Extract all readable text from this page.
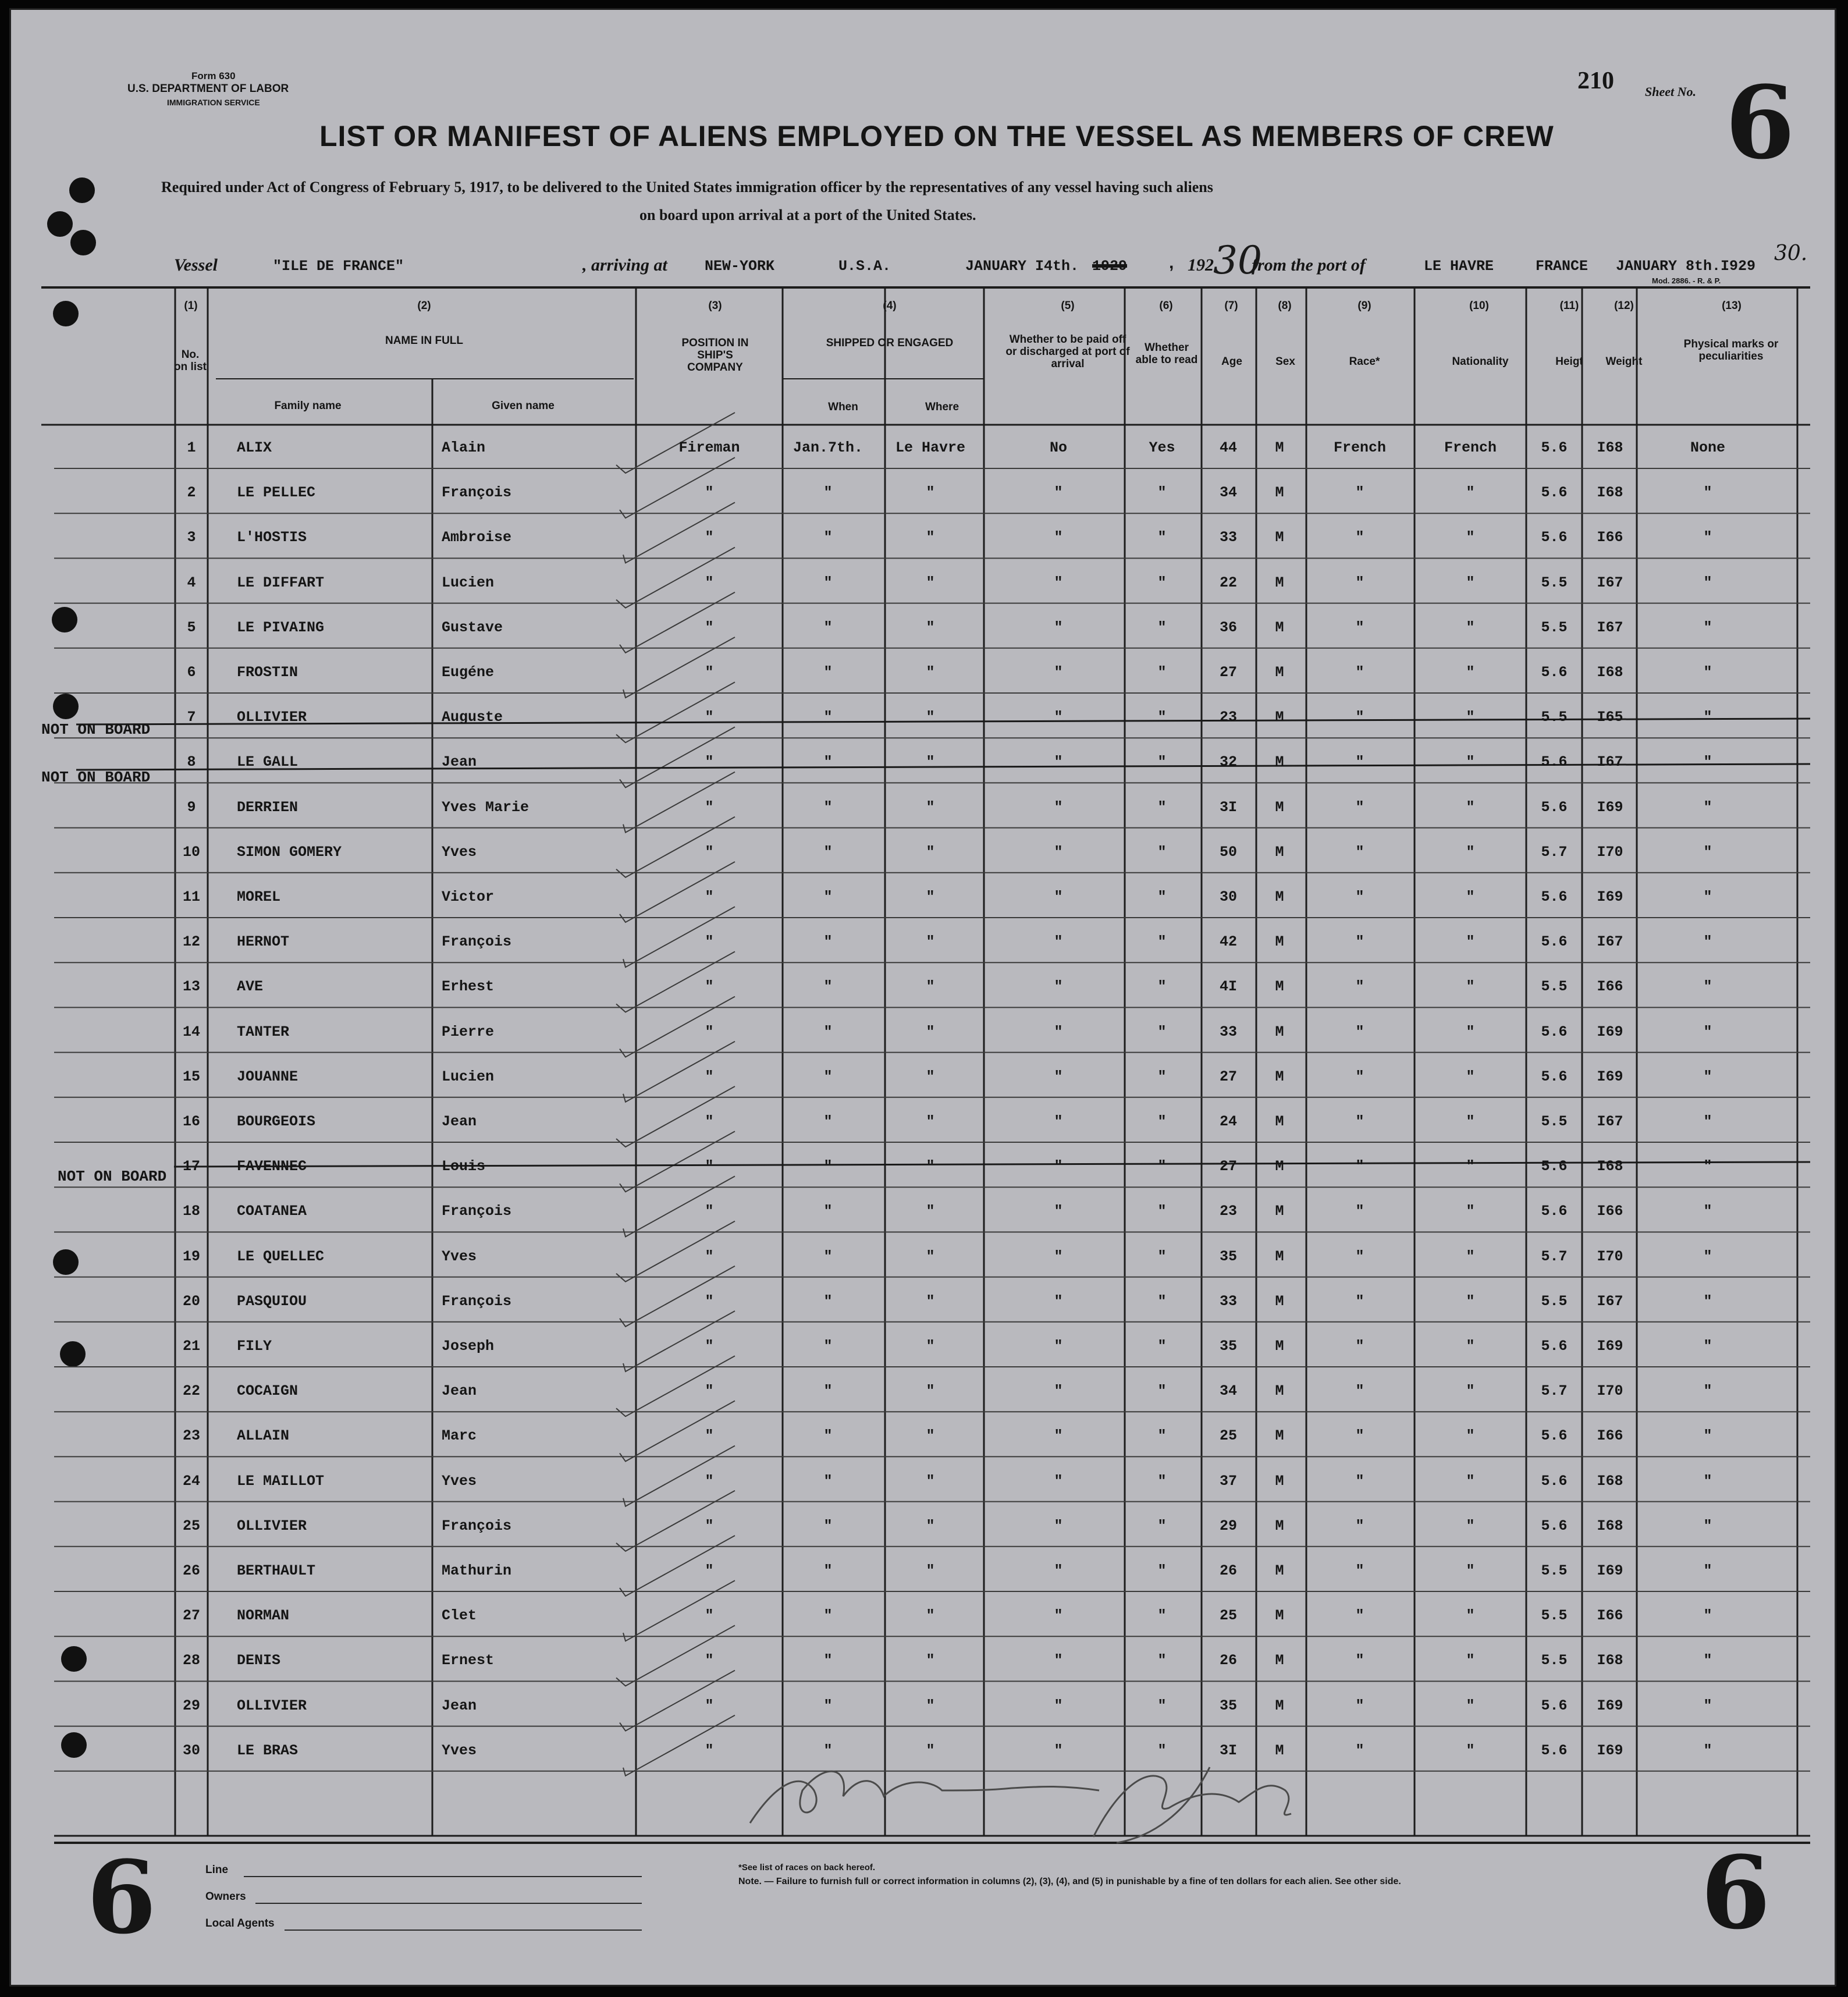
Form 630
U.S. DEPARTMENT OF LABOR
IMMIGRATION SERVICE
210 Sheet No. 6
LIST OR MANIFEST OF ALIENS EMPLOYED ON THE VESSEL AS MEMBERS OF CREW
Required under Act of Congress of February 5, 1917, to be delivered to the United States immigration officer by the representatives of any vessel having such aliens
on board upon arrival at a port of the United States.
Vessel	"ILE DE FRANCE"	, arriving at	NEW-YORK	U.S.A.	JANUARY I4th. 1929 , 192 30
from the port of	LE HAVRE	FRANCE JANUARY 8th.I929
30.
Mod. 2886. - R. & P.
(1)
No. on list
(2)
NAME IN FULL
Family name	Given name
(3)
POSITION IN SHIP'S COMPANY
(4)
SHIPPED OR ENGAGED
When	Where
(5)
Whether to be paid off or discharged at port of arrival
(6)
Whether able to read
(7)
Age
(8)
Sex
(9)
Race*
(10)
Nationality
(11)
Heigt
(12)
Weight
(13)
Physical marks or peculiarities
1	ALIX	Alain	Fireman	Jan.7th. Le Havre	No	Yes	44	M	French	French	5.6 I68	None
2	LE PELLEC	François	"	"	"	"	"	34	M	"	"	5.6 I68	"
3	L'HOSTIS	Ambroise	"	"	"	"	"	33	M	"	"	5.6 I66	"
4	LE DIFFART	Lucien	"	"	"	"	"	22	M	"	"	5.5 I67	"
5	LE PIVAING	Gustave	"	"	"	"	"	36	M	"	"	5.5 I67	"
6	FROSTIN	Eugéne	"	"	"	"	"	27	M	"	"	5.6 I68	"
7	OLLIVIER	Auguste	"	"	"	"	"	23	M	"	"	5.5 I65	"
8	LE GALL	Jean	"	"	"	"	"	32	M	"	"	5.6 I67	"
9	DERRIEN	Yves Marie	"	"	"	"	"	3I	M	"	"	5.6 I69	"
10	SIMON GOMERY	Yves	"	"	"	"	"	50	M	"	"	5.7 I70	"
11	MOREL	Victor	"	"	"	"	"	30	M	"	"	5.6 I69	"
12	HERNOT	François	"	"	"	"	"	42	M	"	"	5.6 I67	"
13	AVE	Erhest	"	"	"	"	"	4I	M	"	"	5.5 I66	"
14	TANTER	Pierre	"	"	"	"	"	33	M	"	"	5.6 I69	"
15	JOUANNE	Lucien	"	"	"	"	"	27	M	"	"	5.6 I69	"
16	BOURGEOIS	Jean	"	"	"	"	"	24	M	"	"	5.5 I67	"
17	FAVENNEC	Louis	"	"	"	"	"	27	M	"	"	5.6 I68	"
18	COATANEA	François	"	"	"	"	"	23	M	"	"	5.6 I66	"
19	LE QUELLEC	Yves	"	"	"	"	"	35	M	"	"	5.7 I70	"
20	PASQUIOU	François	"	"	"	"	"	33	M	"	"	5.5 I67	"
21	FILY	Joseph	"	"	"	"	"	35	M	"	"	5.6 I69	"
22	COCAIGN	Jean	"	"	"	"	"	34	M	"	"	5.7 I70	"
23	ALLAIN	Marc	"	"	"	"	"	25	M	"	"	5.6 I66	"
24	LE MAILLOT	Yves	"	"	"	"	"	37	M	"	"	5.6 I68	"
25	OLLIVIER	François	"	"	"	"	"	29	M	"	"	5.6 I68	"
26	BERTHAULT	Mathurin	"	"	"	"	"	26	M	"	"	5.5 I69	"
27	NORMAN	Clet	"	"	"	"	"	25	M	"	"	5.5 I66	"
28	DENIS	Ernest	"	"	"	"	"	26	M	"	"	5.5 I68	"
29	OLLIVIER	Jean	"	"	"	"	"	35	M	"	"	5.6 I69	"
30	LE BRAS	Yves	"	"	"	"	"	3I	M	"	"	5.6 I69	"
NOT ON BOARD
NOT ON BOARD
NOT ON BOARD
6	6
Line
Owners
Local Agents
*See list of races on back hereof.
Note. — Failure to furnish full or correct information in columns (2), (3), (4), and (5) in punishable by a fine of ten dollars for each alien. See other side.
